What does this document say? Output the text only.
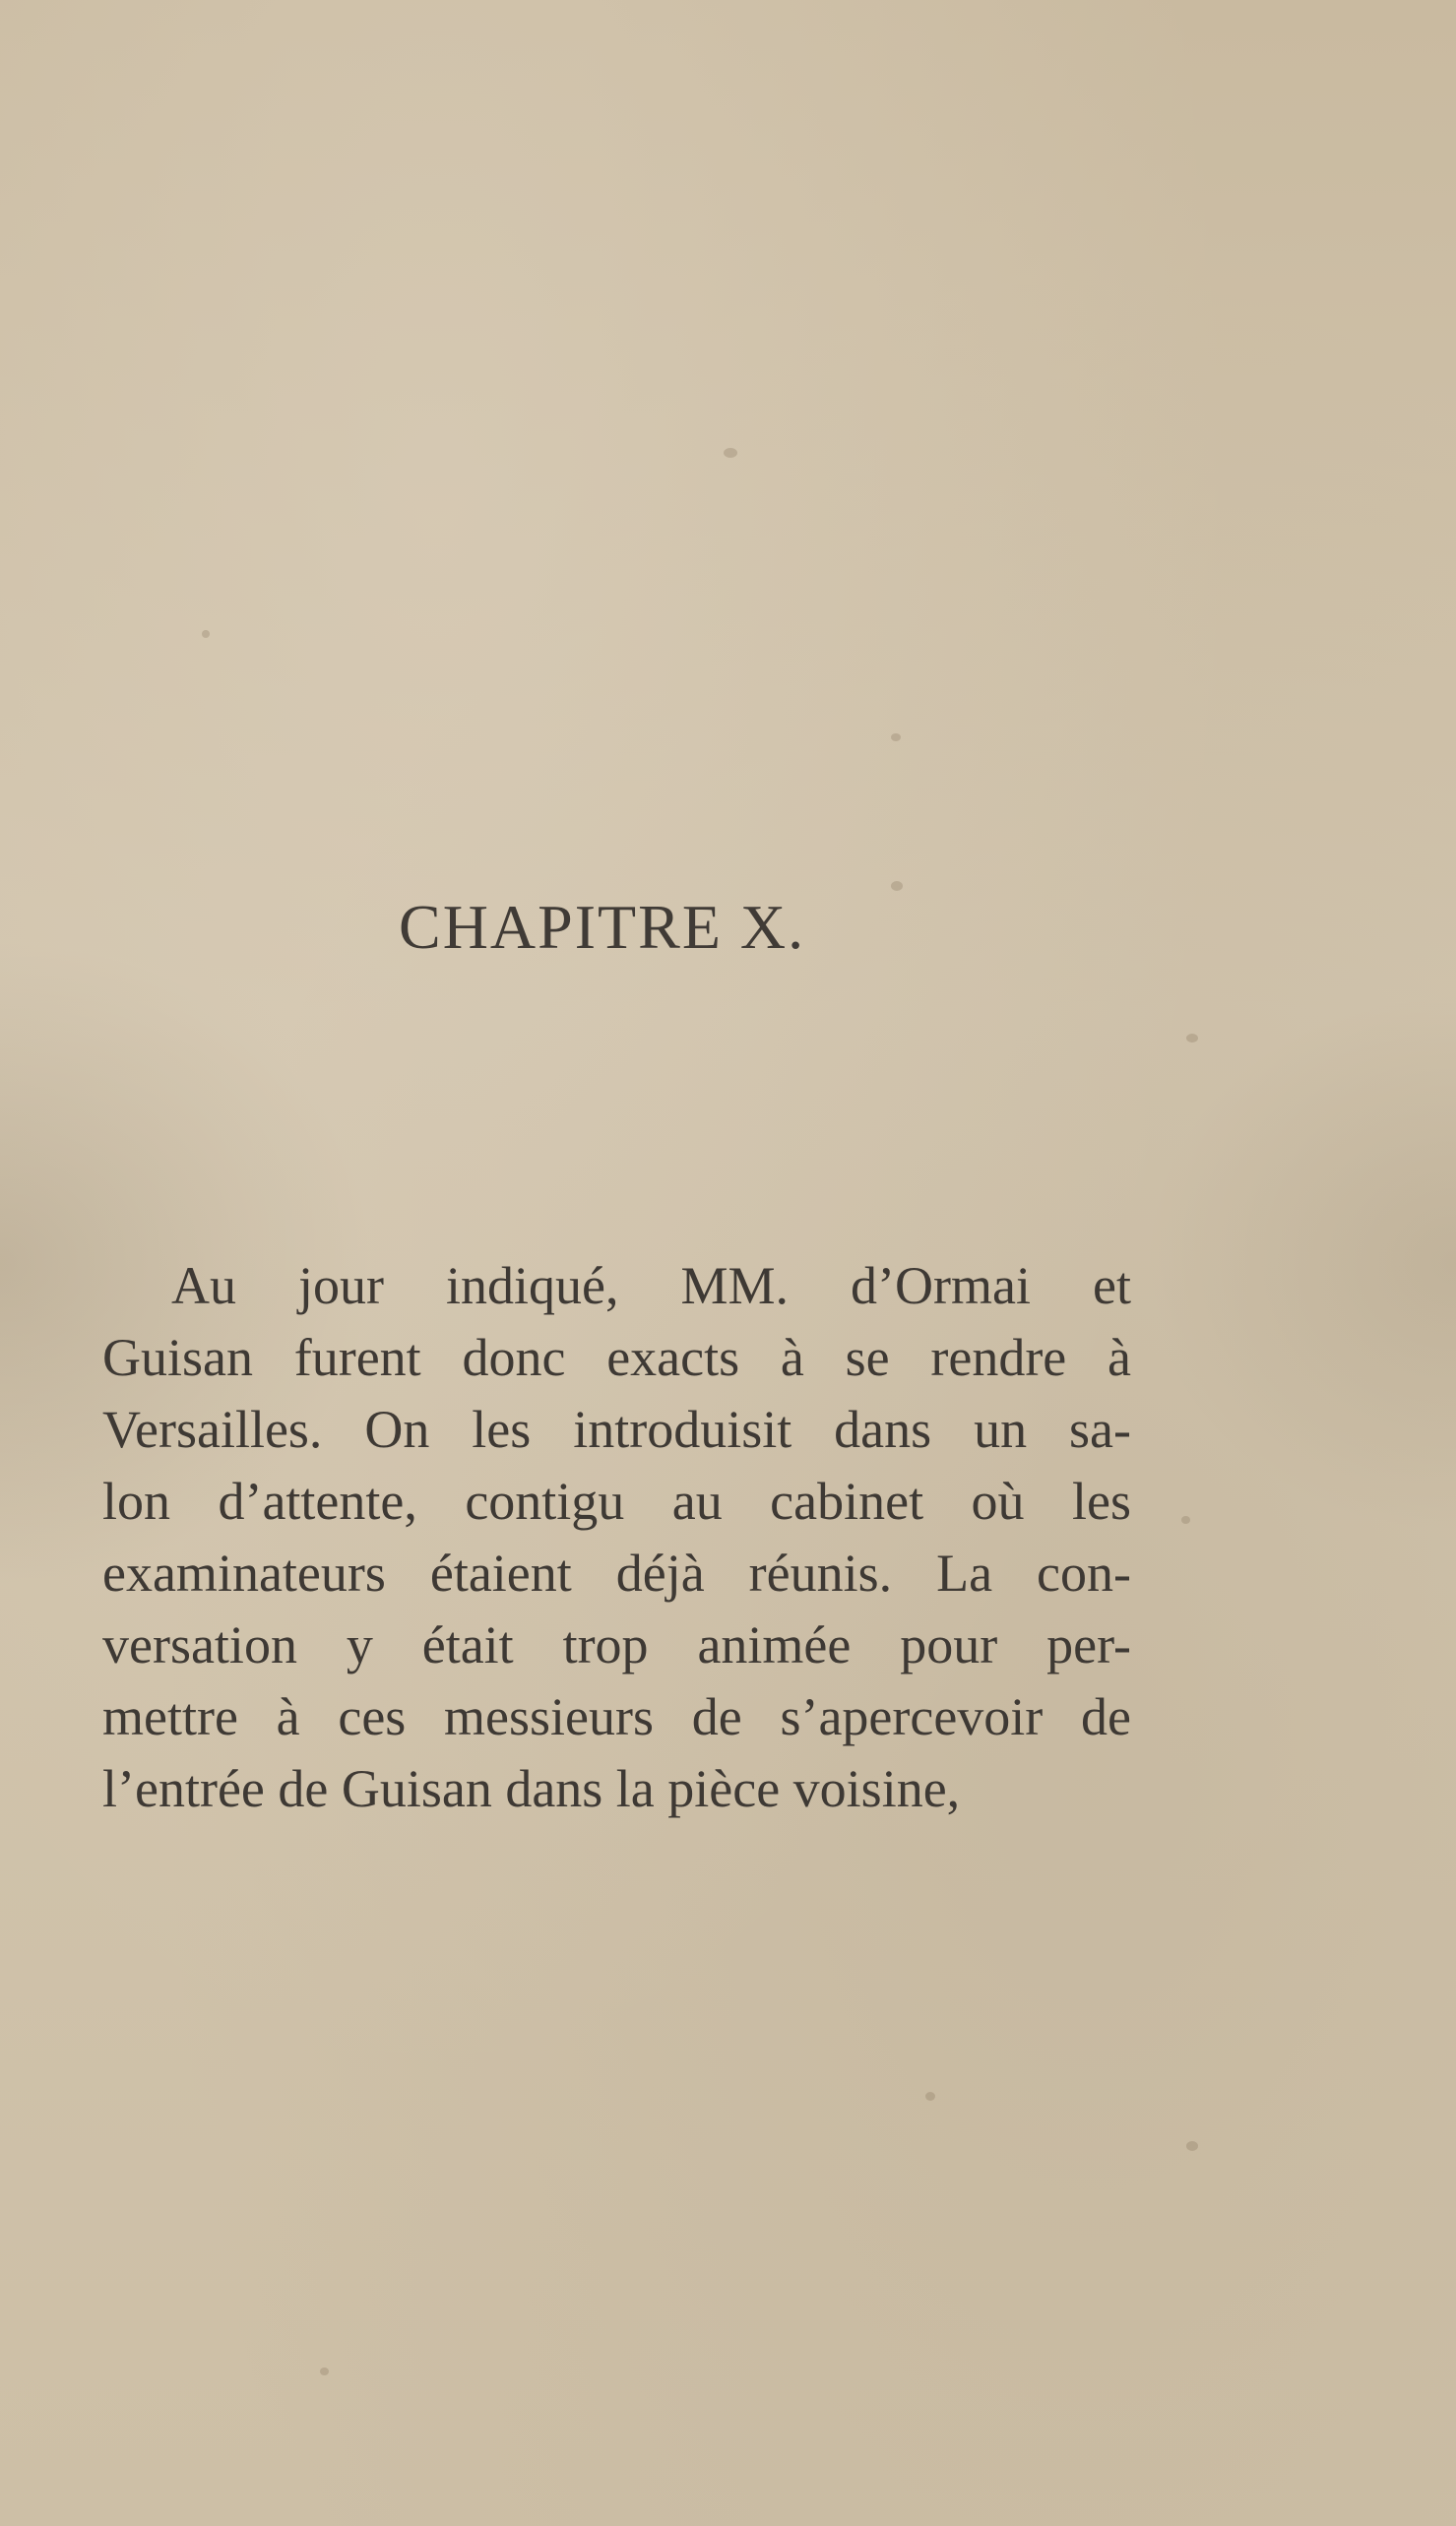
CHAPITRE X.
Au jour indiqué, MM. d’Ormai et
Guisan furent donc exacts à se rendre à
Versailles. On les introduisit dans un sa-
lon d’attente, contigu au cabinet où les
examinateurs étaient déjà réunis. La con-
versation y était trop animée pour per-
mettre à ces messieurs de s’apercevoir de
l’entrée de Guisan dans la pièce voisine,
